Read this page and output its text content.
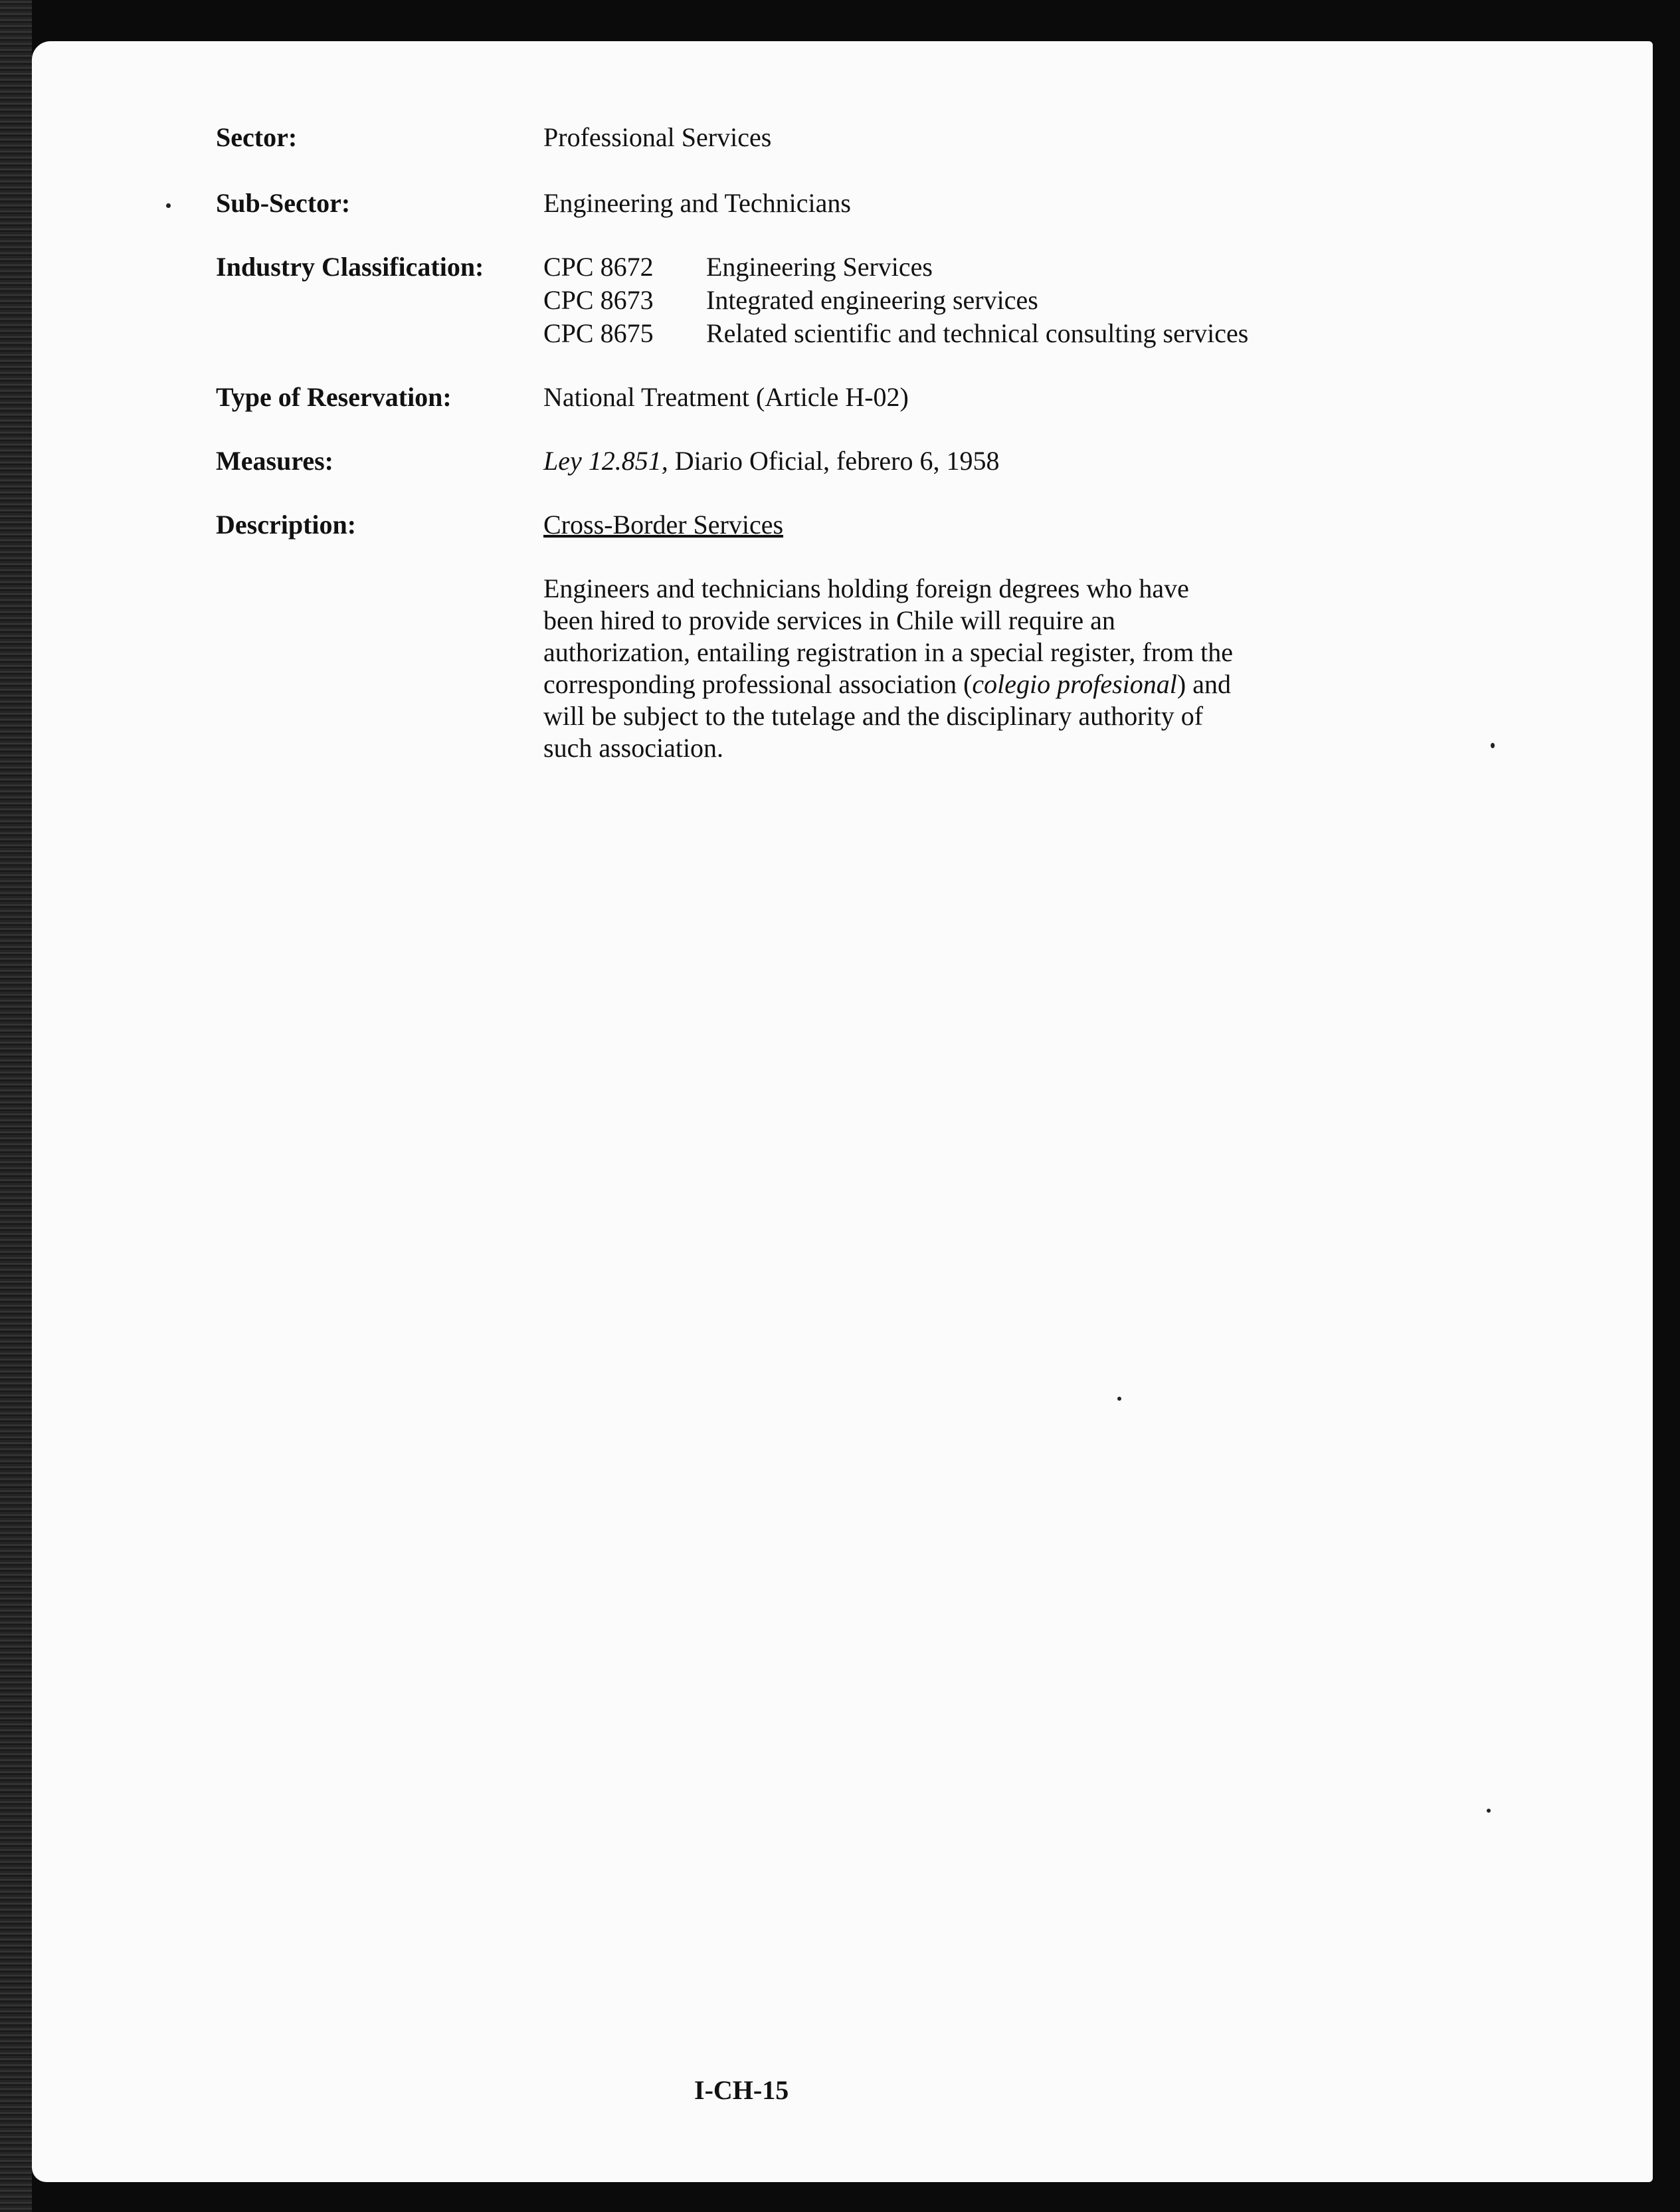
Sector:	Professional Services
Sub-Sector:	Engineering and Technicians
Industry Classification: CPC 8672 Engineering Services
CPC 8673 Integrated engineering services
CPC 8675 Related scientific and technical consulting services
Type of Reservation:	National Treatment (Article H-02)
Measures:	Ley 12.851, Diario Oficial, febrero 6, 1958
Description:	Cross-Border Services
Engineers and technicians holding foreign degrees who have
been hired to provide services in Chile will require an
authorization, entailing registration in a special register, from the
corresponding professional association (colegio profesional) and
will be subject to the tutelage and the disciplinary authority of
such association.
I-CH-15
